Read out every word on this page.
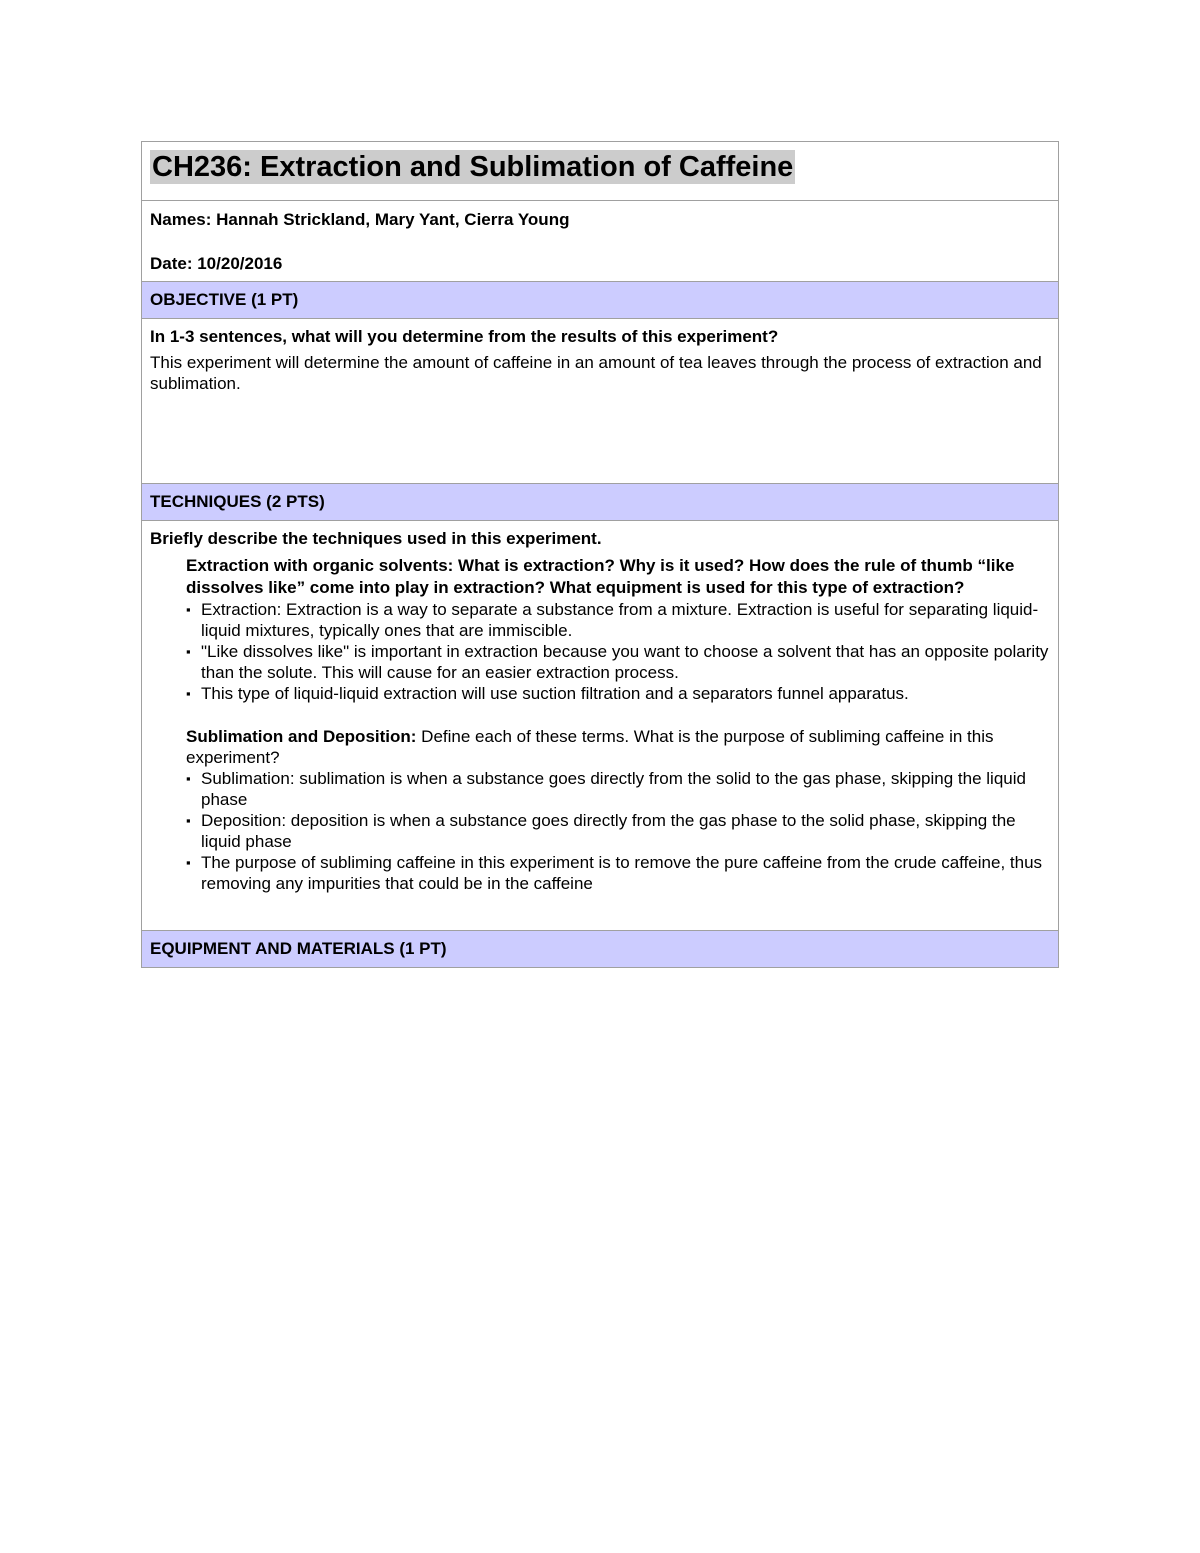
CH236: Extraction and Sublimation of Caffeine

Names: Hannah Strickland, Mary Yant, Cierra Young
Date: 10/20/2016

OBJECTIVE (1 PT)

In 1-3 sentences, what will you determine from the results of this experiment?
This experiment will determine the amount of caffeine in an amount of tea leaves through the process of extraction and sublimation.

TECHNIQUES (2 PTS)

Briefly describe the techniques used in this experiment.
Extraction with organic solvents: What is extraction? Why is it used? How does the rule of thumb “like dissolves like” come into play in extraction? What equipment is used for this type of extraction?
▪ Extraction: Extraction is a way to separate a substance from a mixture. Extraction is useful for separating liquid-liquid mixtures, typically ones that are immiscible.
▪ "Like dissolves like" is important in extraction because you want to choose a solvent that has an opposite polarity than the solute. This will cause for an easier extraction process.
▪ This type of liquid-liquid extraction will use suction filtration and a separators funnel apparatus.
Sublimation and Deposition: Define each of these terms. What is the purpose of subliming caffeine in this experiment?
▪ Sublimation: sublimation is when a substance goes directly from the solid to the gas phase, skipping the liquid phase
▪ Deposition: deposition is when a substance goes directly from the gas phase to the solid phase, skipping the liquid phase
▪ The purpose of subliming caffeine in this experiment is to remove the pure caffeine from the crude caffeine, thus removing any impurities that could be in the caffeine

EQUIPMENT AND MATERIALS (1 PT)
